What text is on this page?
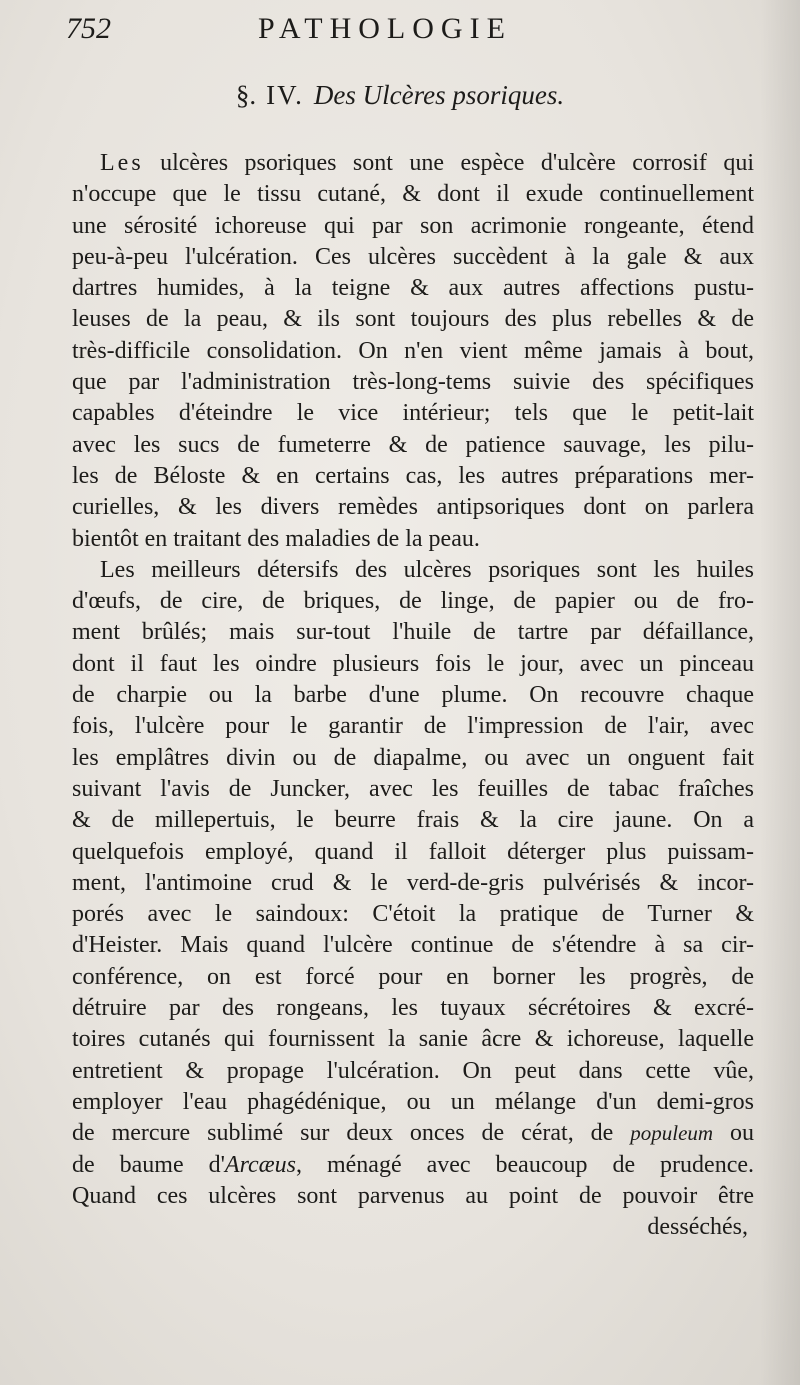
752	PATHOLOGIE
§. IV. Des Ulcères psoriques.
Les ulcères psoriques sont une espèce d'ulcère corrosif qui
n'occupe que le tissu cutané, & dont il exude continuellement
une sérosité ichoreuse qui par son acrimonie rongeante, étend
peu-à-peu l'ulcération. Ces ulcères succèdent à la gale & aux
dartres humides, à la teigne & aux autres affections pustu-
leuses de la peau, & ils sont toujours des plus rebelles & de
très-difficile consolidation. On n'en vient même jamais à bout,
que par l'administration très-long-tems suivie des spécifiques
capables d'éteindre le vice intérieur; tels que le petit-lait
avec les sucs de fumeterre & de patience sauvage, les pilu-
les de Béloste & en certains cas, les autres préparations mer-
curielles, & les divers remèdes antipsoriques dont on parlera
bientôt en traitant des maladies de la peau.
Les meilleurs détersifs des ulcères psoriques sont les huiles
d'œufs, de cire, de briques, de linge, de papier ou de fro-
ment brûlés; mais sur-tout l'huile de tartre par défaillance,
dont il faut les oindre plusieurs fois le jour, avec un pinceau
de charpie ou la barbe d'une plume. On recouvre chaque
fois, l'ulcère pour le garantir de l'impression de l'air, avec
les emplâtres divin ou de diapalme, ou avec un onguent fait
suivant l'avis de Juncker, avec les feuilles de tabac fraîches
& de millepertuis, le beurre frais & la cire jaune. On a
quelquefois employé, quand il falloit déterger plus puissam-
ment, l'antimoine crud & le verd-de-gris pulvérisés & incor-
porés avec le saindoux: C'étoit la pratique de Turner &
d'Heister. Mais quand l'ulcère continue de s'étendre à sa cir-
conférence, on est forcé pour en borner les progrès, de
détruire par des rongeans, les tuyaux sécrétoires & excré-
toires cutanés qui fournissent la sanie âcre & ichoreuse, laquelle
entretient & propage l'ulcération. On peut dans cette vûe,
employer l'eau phagédénique, ou un mélange d'un demi-gros
de mercure sublimé sur deux onces de cérat, de populeum ou
de baume d'Arcæus, ménagé avec beaucoup de prudence.
Quand ces ulcères sont parvenus au point de pouvoir être
desséchés,
